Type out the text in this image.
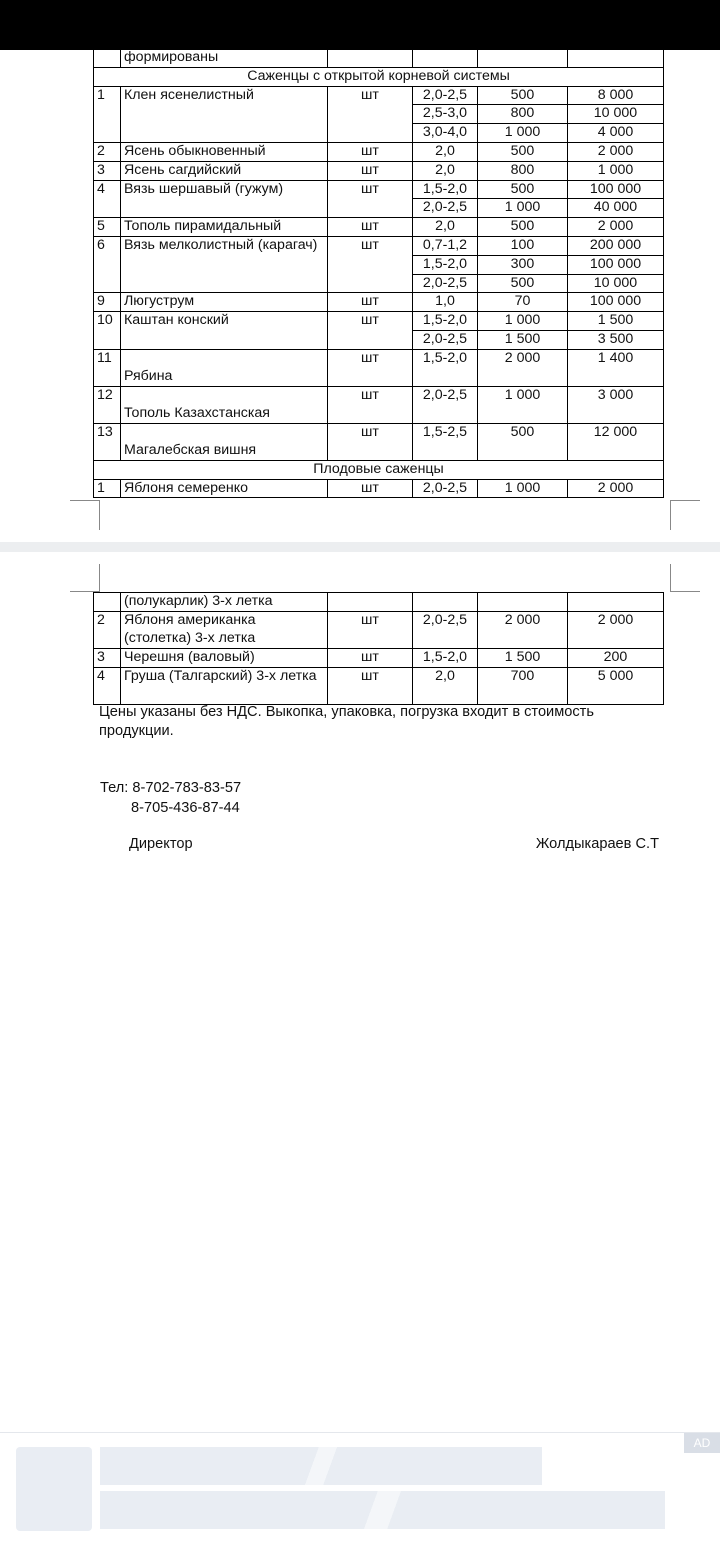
	формированы				
Саженцы с открытой корневой системы					
1	Клен ясенелистный	шт	2,0-2,5	500	8 000
			2,5-3,0	800	10 000
			3,0-4,0	1 000	4 000
2	Ясень обыкновенный	шт	2,0	500	2 000
3	Ясень сагдийский	шт	2,0	800	1 000
4	Вязь шершавый (гужум)	шт	1,5-2,0	500	100 000
			2,0-2,5	1 000	40 000
5	Тополь пирамидальный	шт	2,0	500	2 000
6	Вязь мелколистный (карагач)	шт	0,7-1,2	100	200 000
			1,5-2,0	300	100 000
			2,0-2,5	500	10 000
9	Люгуструм	шт	1,0	70	100 000
10	Каштан конский	шт	1,5-2,0	1 000	1 500
			2,0-2,5	1 500	3 500
11	Рябина	шт	1,5-2,0	2 000	1 400
12	Тополь Казахстанская	шт	2,0-2,5	1 000	3 000
13	Магалебская вишня	шт	1,5-2,5	500	12 000
Плодовые саженцы					
1	Яблоня семеренко	шт	2,0-2,5	1 000	2 000
	(полукарлик) 3-х летка				
2	Яблоня американка (столетка) 3-х летка	шт	2,0-2,5	2 000	2 000
3	Черешня (валовый)	шт	1,5-2,0	1 500	200
4	Груша (Талгарский) 3-х летка	шт	2,0	700	5 000
Цены указаны без НДС. Выкопка, упаковка, погрузка входит в стоимость продукции.
Тел: 8-702-783-83-57
8-705-436-87-44
Директор	Жолдыкараев С.Т
AD
